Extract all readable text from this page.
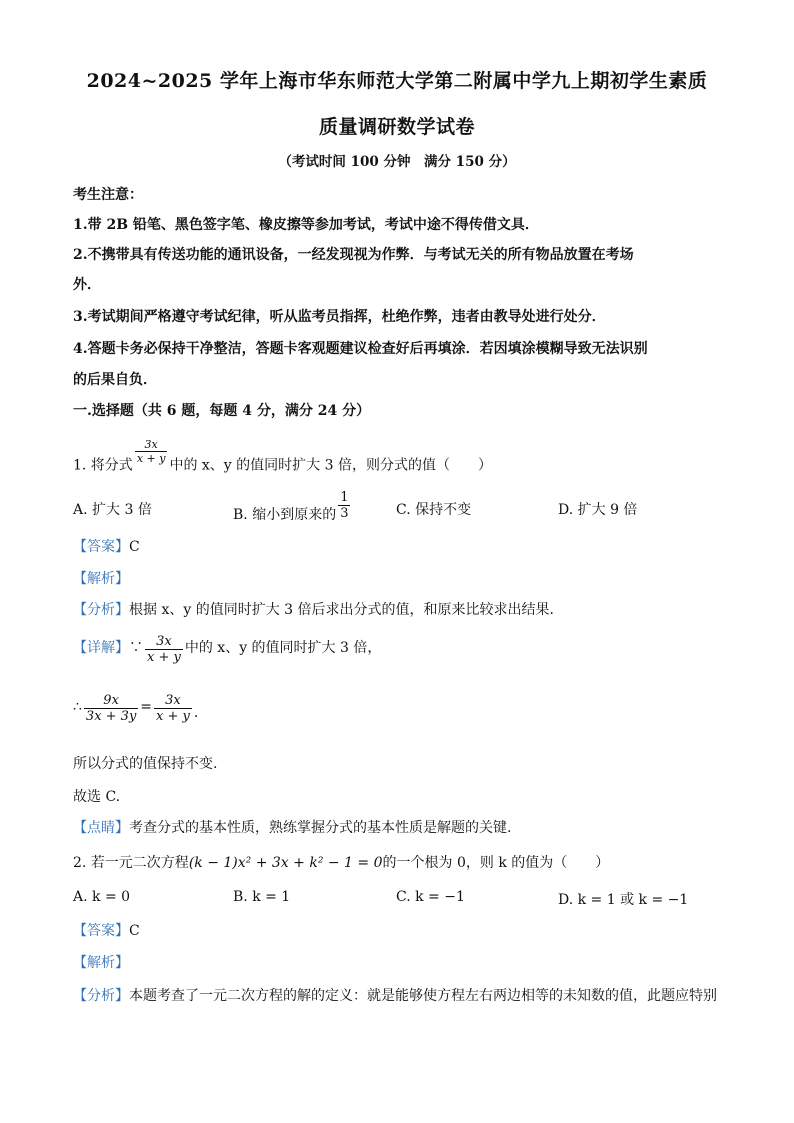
2024~2025 学年上海市华东师范大学第二附属中学九上期初学生素质
质量调研数学试卷
（考试时间 100 分钟　满分 150 分）
考生注意：
1.带 2B 铅笔、黑色签字笔、橡皮擦等参加考试，考试中途不得传借文具．
2.不携带具有传送功能的通讯设备，一经发现视为作弊．与考试无关的所有物品放置在考场
外．
3.考试期间严格遵守考试纪律，听从监考员指挥，杜绝作弊，违者由教导处进行处分．
4.答题卡务必保持干净整洁，答题卡客观题建议检查好后再填涂．若因填涂模糊导致无法识别
的后果自负．
一.选择题（共 6 题，每题 4 分，满分 24 分）
1. 将分式
$\frac{3x}{x + y}$
中的 x、y 的值同时扩大 3 倍，则分式的值（　　）
A. 扩大 3 倍	B. 缩小到原来的 $\frac{1}{3}$	C. 保持不变	D. 扩大 9 倍
【答案】C
【解析】
【分析】根据 x、y 的值同时扩大 3 倍后求出分式的值，和原来比较求出结果．
【详解】∵ $\frac{3x}{x + y}$ 中的 x、y 的值同时扩大 3 倍，
∴ $\frac{9x}{3x + 3y} = \frac{3x}{x + y}$ .
所以分式的值保持不变.
故选 C.
【点睛】考查分式的基本性质，熟练掌握分式的基本性质是解题的关键.
2. 若一元二次方程(k − 1)x² + 3x + k² − 1 = 0的一个根为 0，则 k 的值为（　　）
A. k = 0	B. k = 1	C. k = −1	D. k = 1 或 k = −1
【答案】C
【解析】
【分析】本题考查了一元二次方程的解的定义：就是能够使方程左右两边相等的未知数的值，此题应特别
